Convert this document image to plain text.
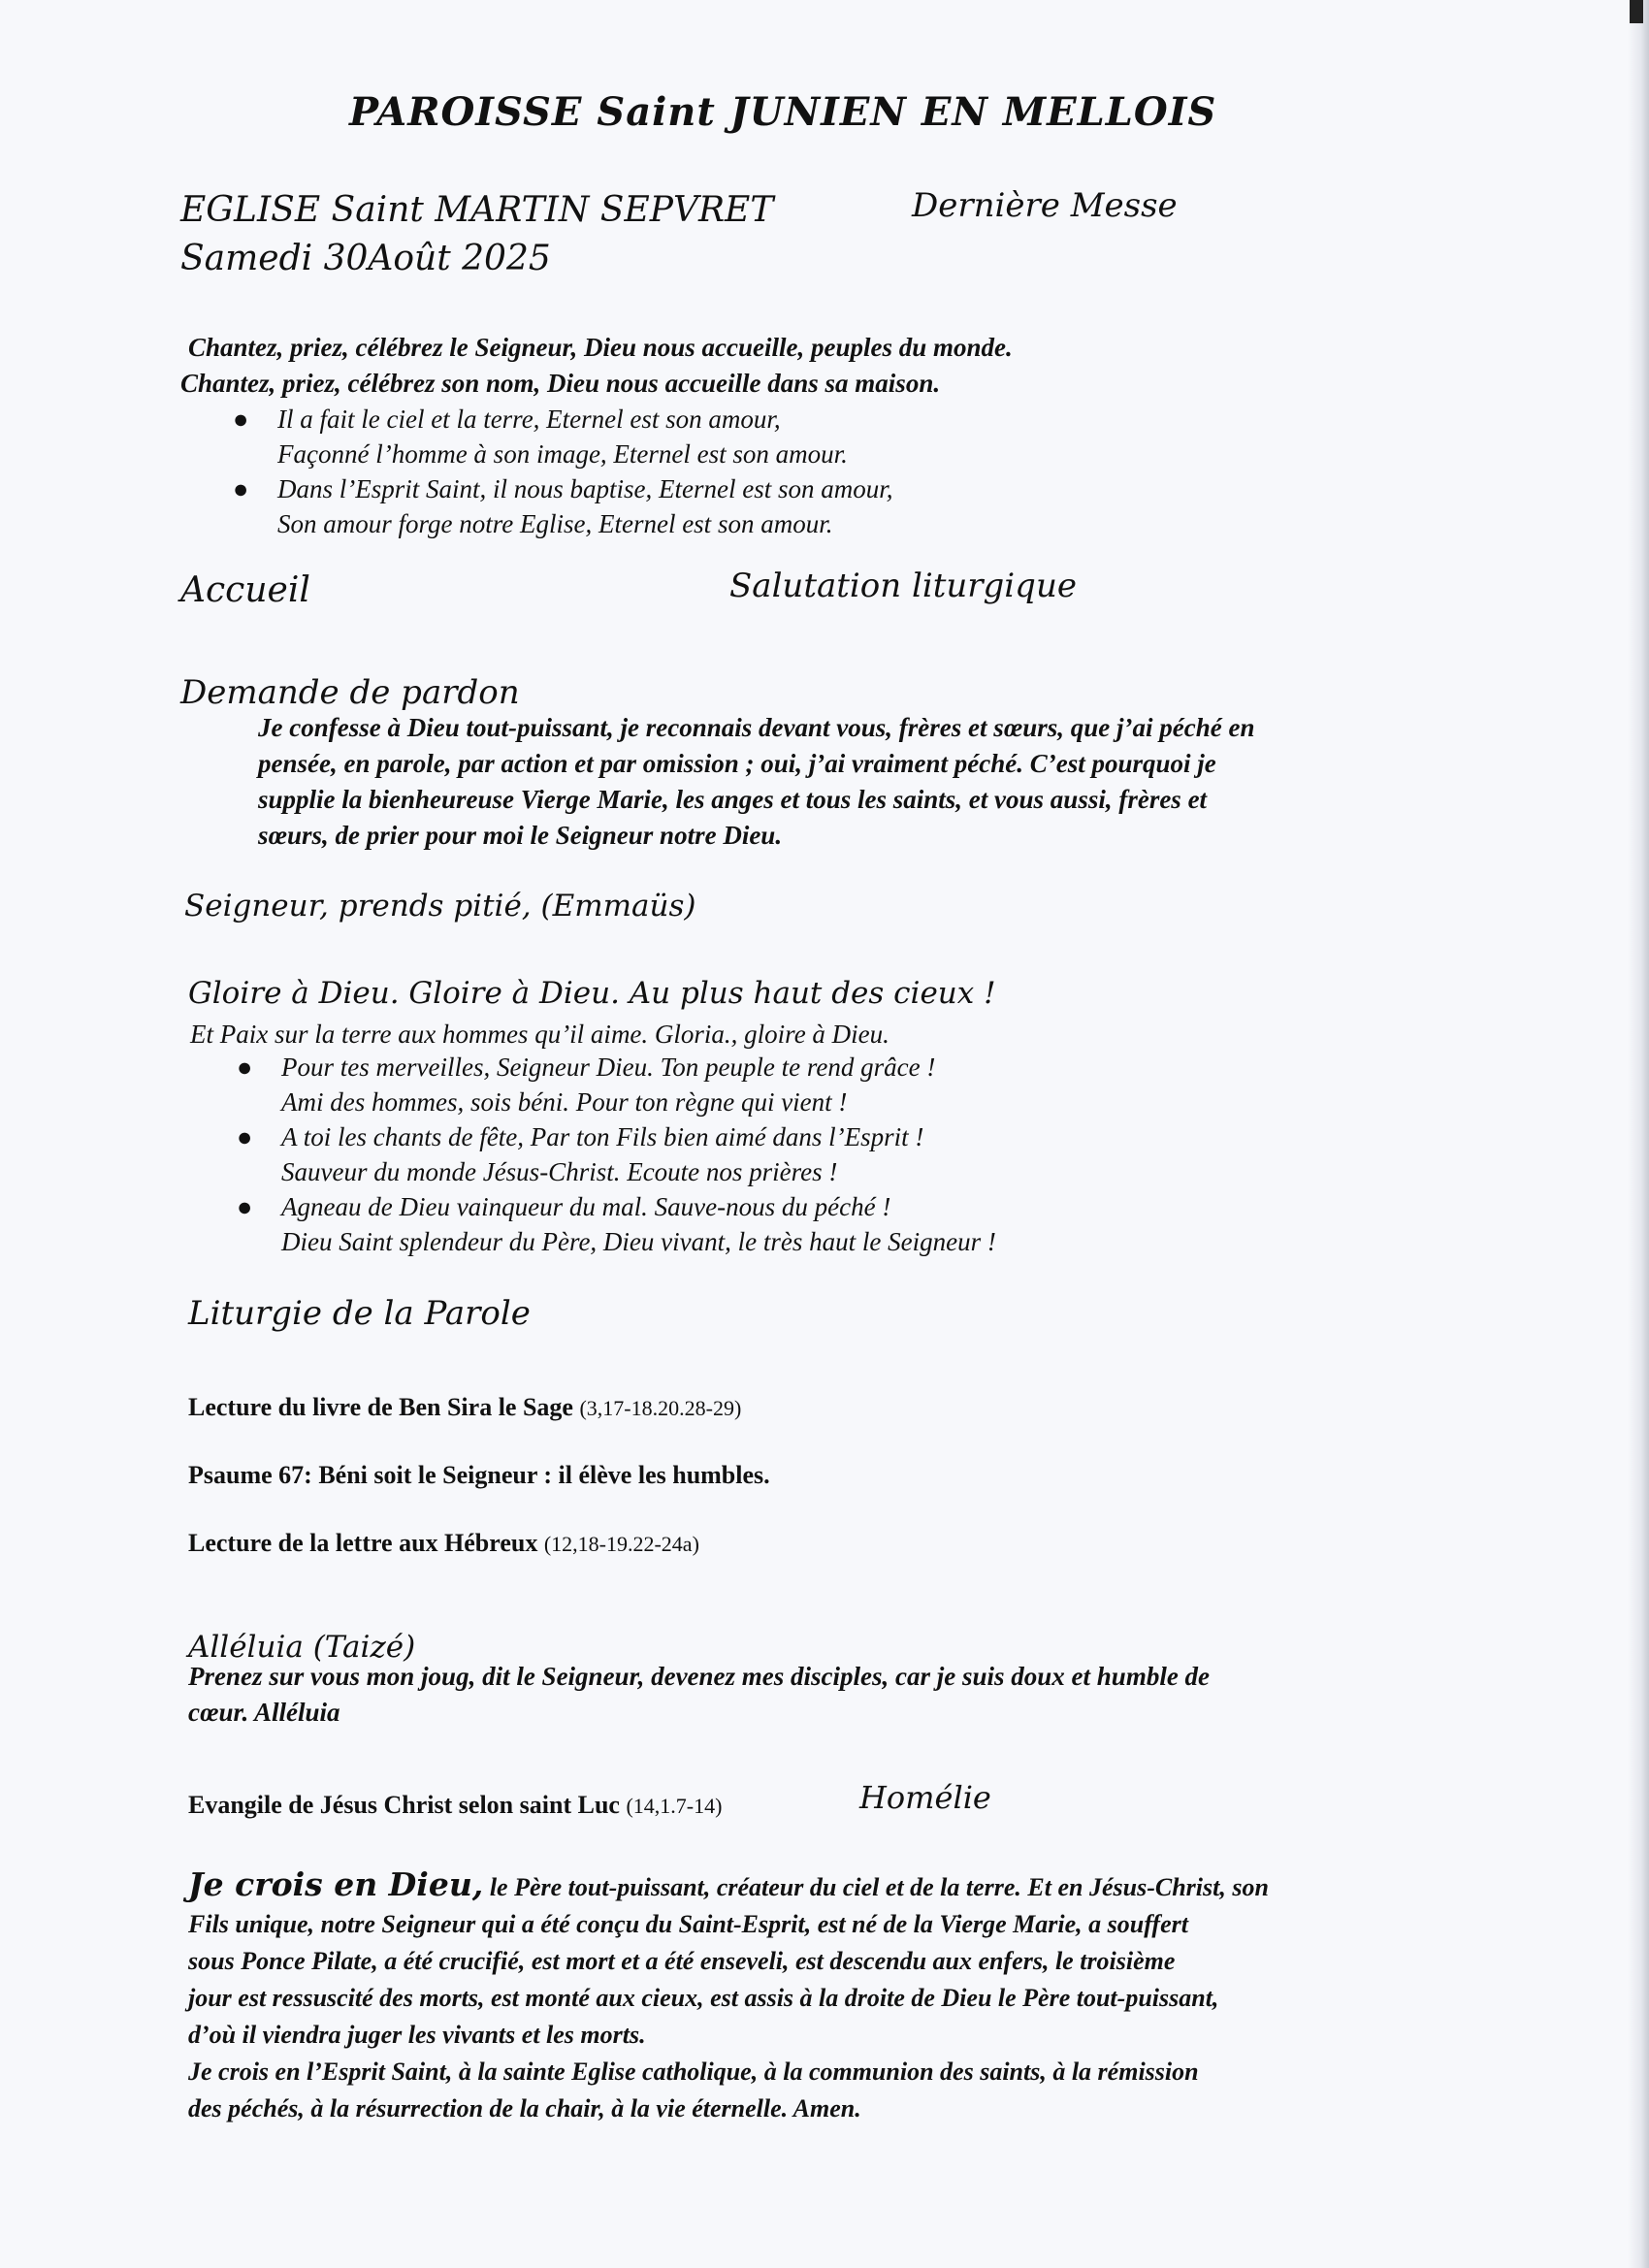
PAROISSE Saint JUNIEN EN MELLOIS
EGLISE Saint MARTIN SEPVRET	Dernière Messe
Samedi 30Août 2025
Chantez, priez, célébrez le Seigneur, Dieu nous accueille, peuples du monde.
Chantez, priez, célébrez son nom, Dieu nous accueille dans sa maison.
● Il a fait le ciel et la terre, Eternel est son amour,
Façonné l’homme à son image, Eternel est son amour.
● Dans l’Esprit Saint, il nous baptise, Eternel est son amour,
Son amour forge notre Eglise, Eternel est son amour.
Accueil	Salutation liturgique
Demande de pardon
Je confesse à Dieu tout-puissant, je reconnais devant vous, frères et sœurs, que j’ai péché en
pensée, en parole, par action et par omission ; oui, j’ai vraiment péché. C’est pourquoi je
supplie la bienheureuse Vierge Marie, les anges et tous les saints, et vous aussi, frères et
sœurs, de prier pour moi le Seigneur notre Dieu.
Seigneur, prends pitié, (Emmaüs)
Gloire à Dieu. Gloire à Dieu. Au plus haut des cieux !
Et Paix sur la terre aux hommes qu’il aime. Gloria., gloire à Dieu.
● Pour tes merveilles, Seigneur Dieu. Ton peuple te rend grâce !
Ami des hommes, sois béni. Pour ton règne qui vient !
● A toi les chants de fête, Par ton Fils bien aimé dans l’Esprit !
Sauveur du monde Jésus-Christ. Ecoute nos prières !
● Agneau de Dieu vainqueur du mal. Sauve-nous du péché !
Dieu Saint splendeur du Père, Dieu vivant, le très haut le Seigneur !
Liturgie de la Parole
Lecture du livre de Ben Sira le Sage (3,17-18.20.28-29)
Psaume 67: Béni soit le Seigneur : il élève les humbles.
Lecture de la lettre aux Hébreux (12,18-19.22-24a)
Alléluia (Taizé)
Prenez sur vous mon joug, dit le Seigneur, devenez mes disciples, car je suis doux et humble de
cœur. Alléluia
Evangile de Jésus Christ selon saint Luc (14,1.7-14)	Homélie
Je crois en Dieu, le Père tout-puissant, créateur du ciel et de la terre. Et en Jésus-Christ, son
Fils unique, notre Seigneur qui a été conçu du Saint-Esprit, est né de la Vierge Marie, a souffert
sous Ponce Pilate, a été crucifié, est mort et a été enseveli, est descendu aux enfers, le troisième
jour est ressuscité des morts, est monté aux cieux, est assis à la droite de Dieu le Père tout-puissant,
d’où il viendra juger les vivants et les morts.
Je crois en l’Esprit Saint, à la sainte Eglise catholique, à la communion des saints, à la rémission
des péchés, à la résurrection de la chair, à la vie éternelle. Amen.
